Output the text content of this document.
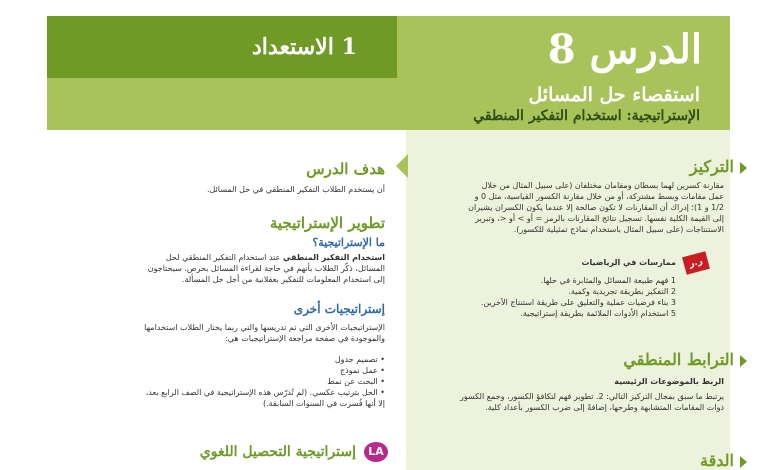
1 الاستعداد	الدرس 8
استقصاء حل المسائل
الإستراتيجية: استخدام التفكير المنطقي
التركيز
مقارنة كسرين لهما بسطان ومقامان مختلفان (على سبيل المثال من خلال عمل مقامات وبسط مشتركة، أو من خلال مقارنة الكسور القياسية، مثل 0 و 1/2 و 1)؛ إدراك أن المقارنات لا تكون صالحة إلا عندما يكون الكسران يشيران إلى القيمة الكلية نفسها. تسجيل نتائج المقارنات بالرمز = أو > أو <، وتبرير الاستنتاجات (على سبيل المثال باستخدام نماذج تمثيلية للكسور).
ر.ر
ممارسات في الرياضيات
1 فهم طبيعة المسائل والمثابرة في حلها.
2 التفكير بطريقة تجريدية وكمية.
3 بناء فرضيات عملية والتعليق على طريقة استنتاج الآخرين.
5 استخدام الأدوات الملائمة بطريقة إستراتيجية.
الترابط المنطقي
الربط بالموضوعات الرئيسية
يرتبط ما سبق بمجال التركيز التالي: 2. تطوير فهم لتكافؤ الكسور، وجمع الكسور ذوات المقامات المتشابهة وطرحها، إضافةً إلى ضرب الكسور بأعداد كلية.
الدقة
هدف الدرس
أن يستخدم الطلاب التفكير المنطقي في حل المسائل.
تطوير الإستراتيجية
ما الإستراتيجية؟
استخدام التفكير المنطقي عند استخدام التفكير المنطقي لحل المسائل، ذكّر الطلاب بأنهم في حاجة لقراءة المسائل بحرص. سيحتاجون إلى استخدام المعلومات للتفكير بعقلانية من أجل حل المسألة.
إستراتيجيات أخرى
الإستراتيجيات الأخرى التي تم تدريسها والتي ربما يختار الطلاب استخدامها والموجودة في صفحة مراجعة الإستراتيجيات هي:
• تصميم جدول
• عمل نموذج
• البحث عن نمط
• الحل بترتيب عكسي. (لم تُدرّس هذه الإستراتيجية في الصف الرابع بعد، إلا أنها فُسرت في السنوات السابقة.)
LA
إستراتيجية التحصيل اللغوي
